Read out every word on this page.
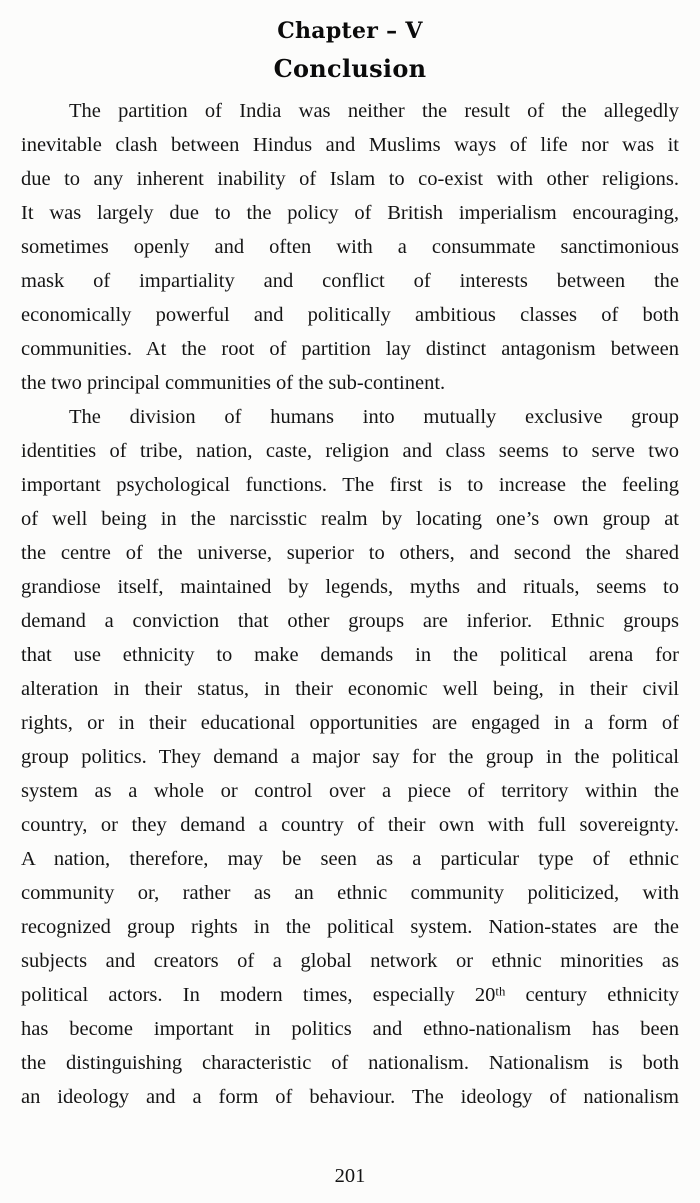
Chapter – V
Conclusion

The partition of India was neither the result of the allegedly
inevitable clash between Hindus and Muslims ways of life nor was it
due to any inherent inability of Islam to co-exist with other religions.
It was largely due to the policy of British imperialism encouraging,
sometimes openly and often with a consummate sanctimonious
mask of impartiality and conflict of interests between the
economically powerful and politically ambitious classes of both
communities. At the root of partition lay distinct antagonism between
the two principal communities of the sub-continent.

The division of humans into mutually exclusive group
identities of tribe, nation, caste, religion and class seems to serve two
important psychological functions. The first is to increase the feeling
of well being in the narcisstic realm by locating one’s own group at
the centre of the universe, superior to others, and second the shared
grandiose itself, maintained by legends, myths and rituals, seems to
demand a conviction that other groups are inferior. Ethnic groups
that use ethnicity to make demands in the political arena for
alteration in their status, in their economic well being, in their civil
rights, or in their educational opportunities are engaged in a form of
group politics. They demand a major say for the group in the political
system as a whole or control over a piece of territory within the
country, or they demand a country of their own with full sovereignty.
A nation, therefore, may be seen as a particular type of ethnic
community or, rather as an ethnic community politicized, with
recognized group rights in the political system. Nation-states are the
subjects and creators of a global network or ethnic minorities as
political actors. In modern times, especially 20th century ethnicity
has become important in politics and ethno-nationalism has been
the distinguishing characteristic of nationalism. Nationalism is both
an ideology and a form of behaviour. The ideology of nationalism

201
